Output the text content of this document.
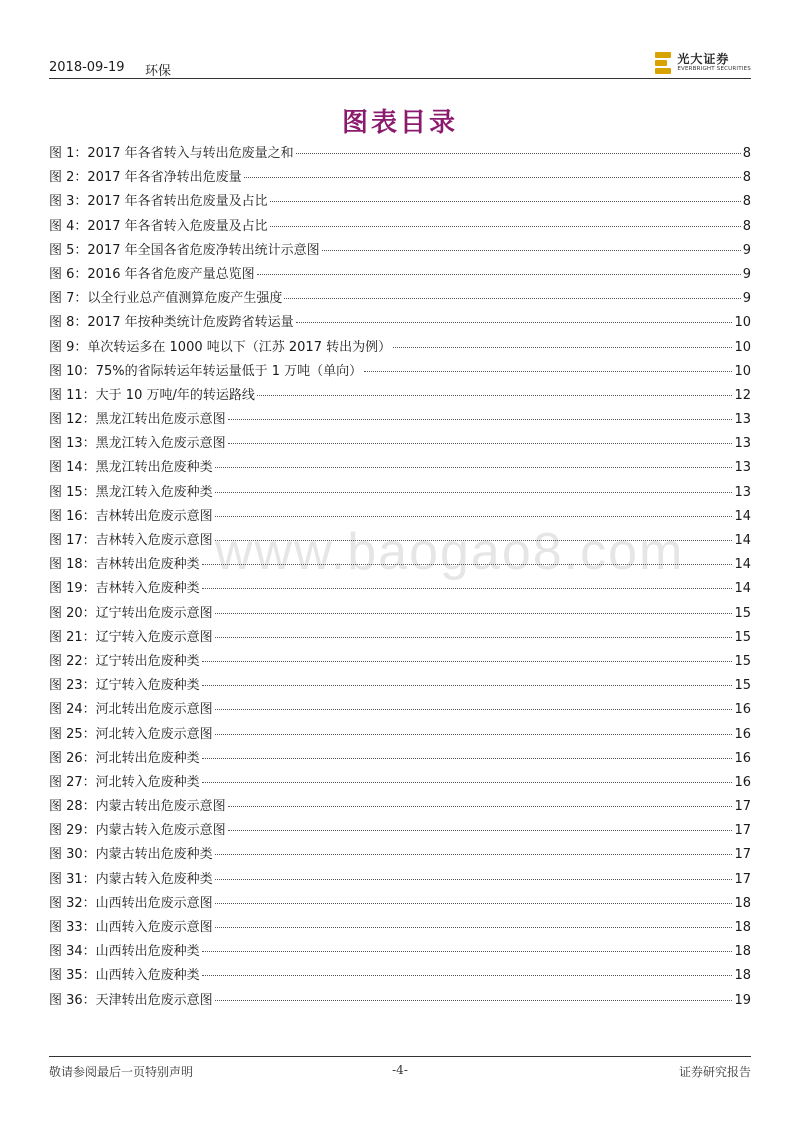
2018-09-19 环保
光大证券
EVERBRIGHT SECURITIES
图表目录
www.baogao8.com
图 1：2017 年各省转入与转出危废量之和	8
图 2：2017 年各省净转出危废量	8
图 3：2017 年各省转出危废量及占比	8
图 4：2017 年各省转入危废量及占比	8
图 5：2017 年全国各省危废净转出统计示意图	9
图 6：2016 年各省危废产量总览图	9
图 7：以全行业总产值测算危废产生强度	9
图 8：2017 年按种类统计危废跨省转运量	10
图 9：单次转运多在 1000 吨以下（江苏 2017 转出为例）	10
图 10：75%的省际转运年转运量低于 1 万吨（单向）	10
图 11：大于 10 万吨/年的转运路线	12
图 12：黑龙江转出危废示意图	13
图 13：黑龙江转入危废示意图	13
图 14：黑龙江转出危废种类	13
图 15：黑龙江转入危废种类	13
图 16：吉林转出危废示意图	14
图 17：吉林转入危废示意图	14
图 18：吉林转出危废种类	14
图 19：吉林转入危废种类	14
图 20：辽宁转出危废示意图	15
图 21：辽宁转入危废示意图	15
图 22：辽宁转出危废种类	15
图 23：辽宁转入危废种类	15
图 24：河北转出危废示意图	16
图 25：河北转入危废示意图	16
图 26：河北转出危废种类	16
图 27：河北转入危废种类	16
图 28：内蒙古转出危废示意图	17
图 29：内蒙古转入危废示意图	17
图 30：内蒙古转出危废种类	17
图 31：内蒙古转入危废种类	17
图 32：山西转出危废示意图	18
图 33：山西转入危废示意图	18
图 34：山西转出危废种类	18
图 35：山西转入危废种类	18
图 36：天津转出危废示意图	19
敬请参阅最后一页特别声明	-4-	证券研究报告
